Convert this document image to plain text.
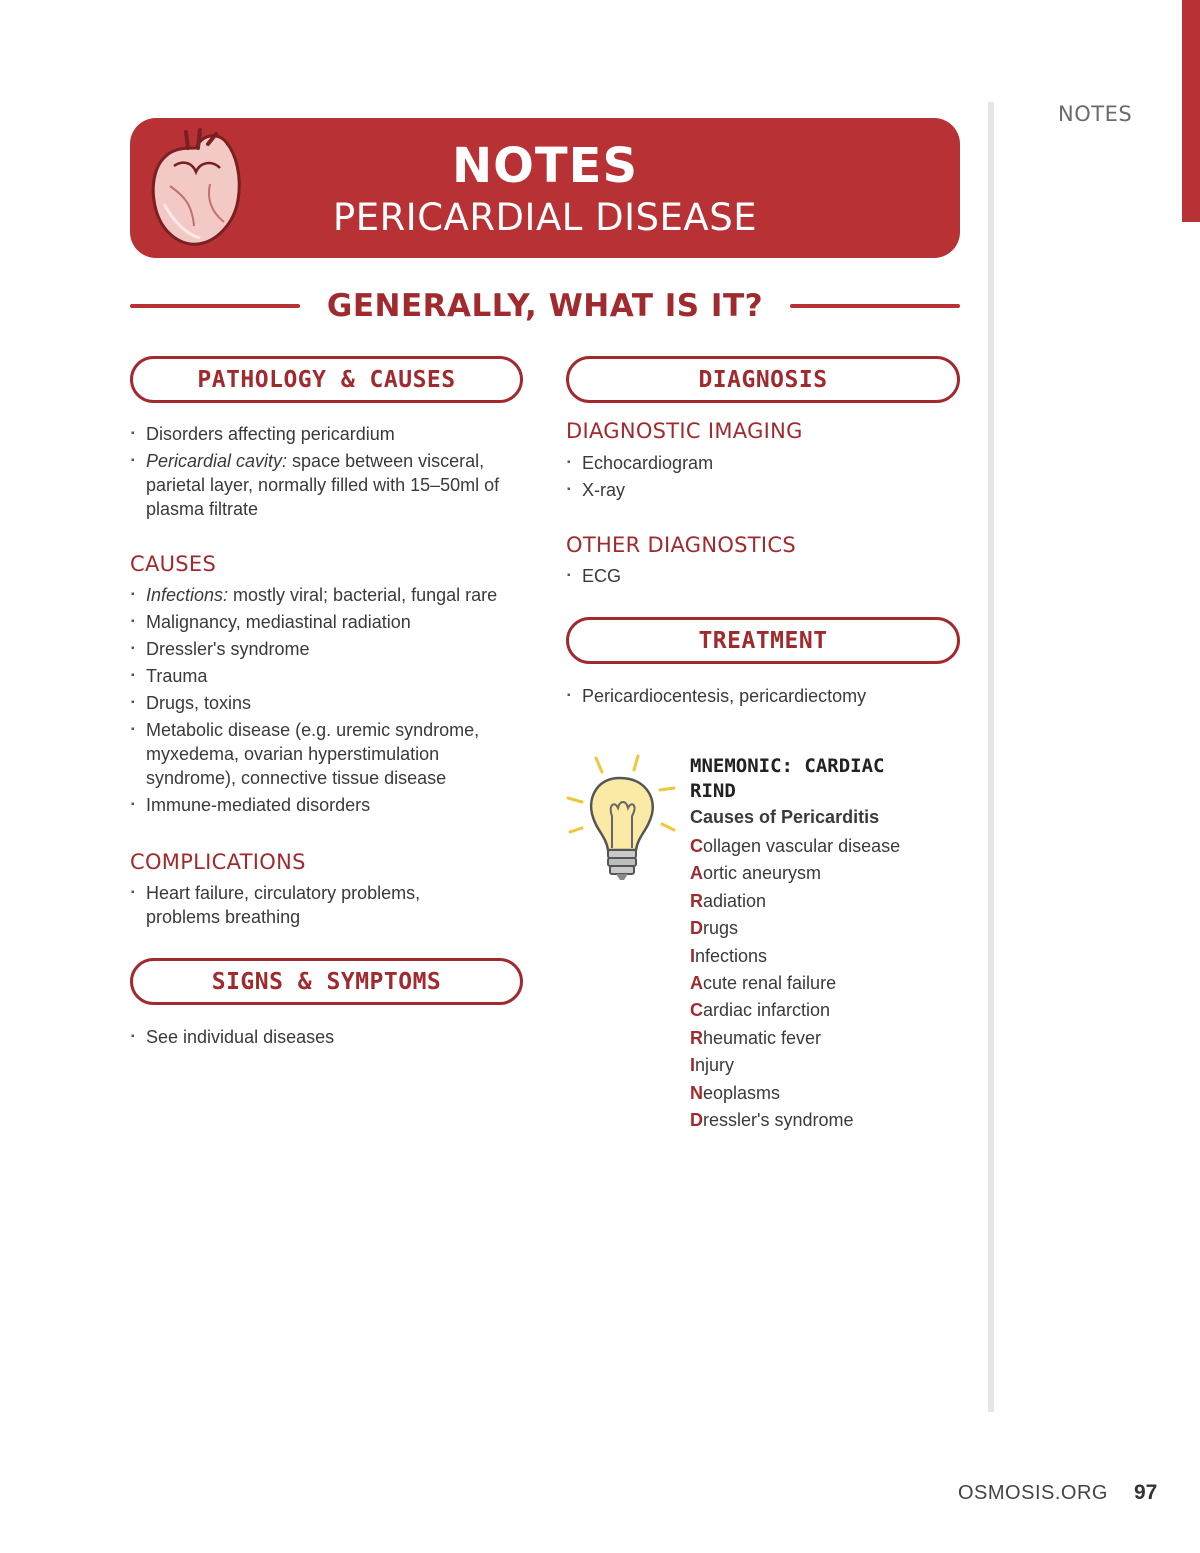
NOTES
NOTES
PERICARDIAL DISEASE
GENERALLY, WHAT IS IT?
PATHOLOGY & CAUSES
▪ Disorders affecting pericardium
▪ Pericardial cavity: space between visceral, parietal layer, normally filled with 15–50ml of plasma filtrate
CAUSES
▪ Infections: mostly viral; bacterial, fungal rare
▪ Malignancy, mediastinal radiation
▪ Dressler's syndrome
▪ Trauma
▪ Drugs, toxins
▪ Metabolic disease (e.g. uremic syndrome, myxedema, ovarian hyperstimulation syndrome), connective tissue disease
▪ Immune-mediated disorders
COMPLICATIONS
▪ Heart failure, circulatory problems, problems breathing
SIGNS & SYMPTOMS
▪ See individual diseases
DIAGNOSIS
DIAGNOSTIC IMAGING
▪ Echocardiogram
▪ X-ray
OTHER DIAGNOSTICS
▪ ECG
TREATMENT
▪ Pericardiocentesis, pericardiectomy
MNEMONIC: CARDIAC RIND
Causes of Pericarditis
Collagen vascular disease
Aortic aneurysm
Radiation
Drugs
Infections
Acute renal failure
Cardiac infarction
Rheumatic fever
Injury
Neoplasms
Dressler's syndrome
OSMOSIS.ORG 97
